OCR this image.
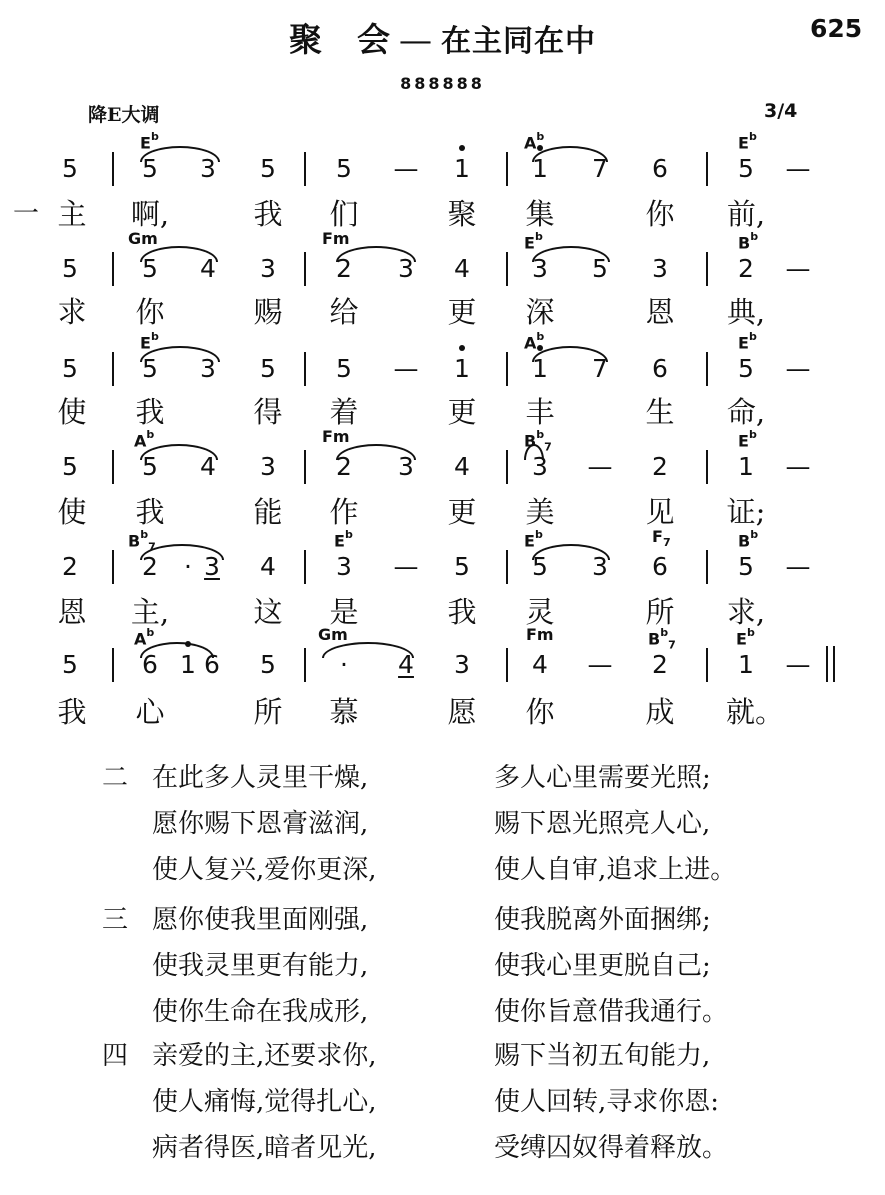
聚　会 — 在主同在中	625
888888
降E大调	3/4
5	5 3 5 5 — 1 1 7 6	5 —
$E^b$	$A^b$	$E^b$
一 主 啊,	我 们	聚 集	你 前,
5	5 4 3 2 3 4 3 5 3	2 —
Gm	Fm	$E^b$	$B^b$
求 你	赐 给	更 深	恩 典,
5	5 3 5 5 — 1 1 7 6	5 —
$E^b$	$A^b$	$E^b$
使 我	得 着	更 丰	生 命,
5	5 4 3 2 3 4 3 — 2	1 —
$A^b$	Fm	$B^b_7$	$E^b$
使 我	能 作	更 美	见 证;
2	2	· 3 4 3 — 5 5 3 6	5 —
$B^b_7$	$E^b$	$E^b$	$F_7$	$B^b$
恩 主,	这 是	我 灵	所 求,
5	6 1 6 5	·	4 3 4 — 2	1 —
$A^b$	Gm	Fm	$B^b_7$	$E^b$
我 心	所 慕	愿 你	成 就。
二 在此多人灵里干燥,	多人心里需要光照;
愿你赐下恩膏滋润,	赐下恩光照亮人心,
使人复兴,爱你更深,	使人自审,追求上进。
三 愿你使我里面刚强,	使我脱离外面捆绑;
使我灵里更有能力,	使我心里更脱自己;
使你生命在我成形,	使你旨意借我通行。
四 亲爱的主,还要求你,	赐下当初五旬能力,
使人痛悔,觉得扎心,	使人回转,寻求你恩:
病者得医,暗者见光,	受缚囚奴得着释放。
